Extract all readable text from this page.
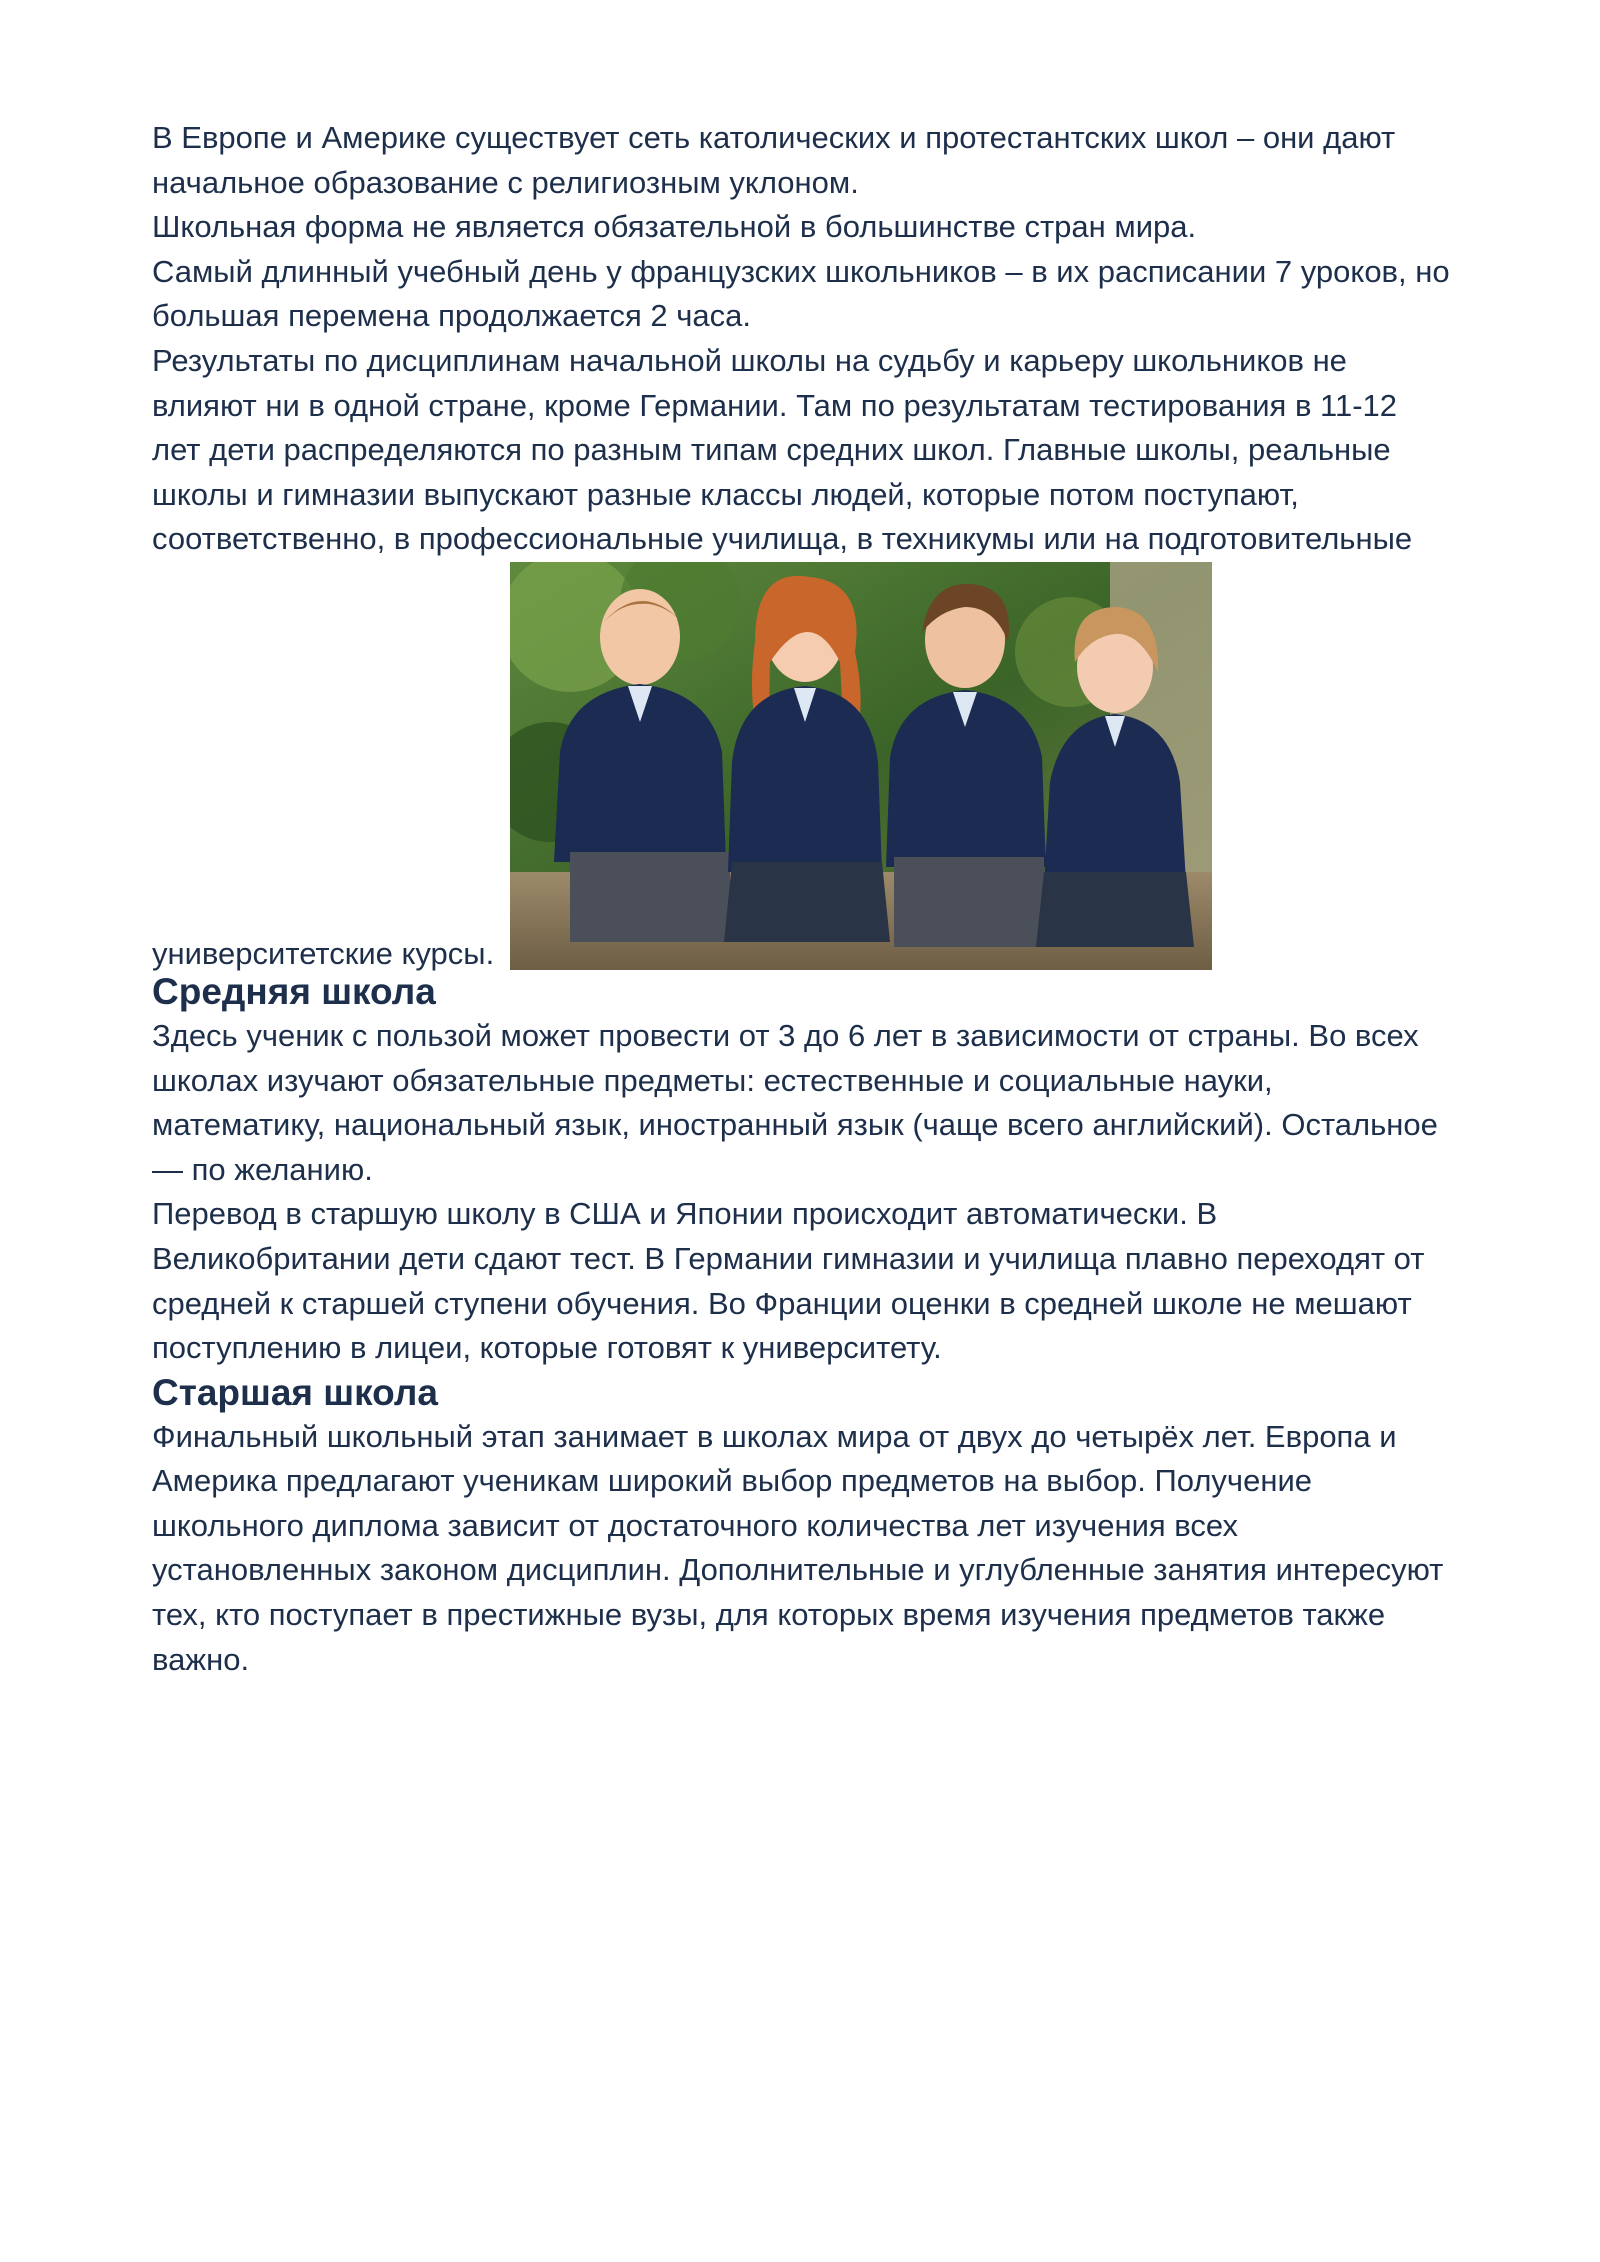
В Европе и Америке существует сеть католических и протестантских школ – они дают
начальное образование с религиозным уклоном.

Школьная форма не является обязательной в большинстве стран мира.

Самый длинный учебный день у французских школьников – в их расписании 7 уроков, но
большая перемена продолжается 2 часа.

Результаты по дисциплинам начальной школы на судьбу и карьеру школьников не
влияют ни в одной стране, кроме Германии. Там по результатам тестирования в 11-12
лет дети распределяются по разным типам средних школ. Главные школы, реальные
школы и гимназии выпускают разные классы людей, которые потом поступают,
соответственно, в профессиональные училища, в техникумы или на подготовительные

университетские курсы.
Средняя школа

Здесь ученик с пользой может провести от 3 до 6 лет в зависимости от страны. Во всех
школах изучают обязательные предметы: естественные и социальные науки,
математику, национальный язык, иностранный язык (чаще всего английский). Остальное
— по желанию.

Перевод в старшую школу в США и Японии происходит автоматически. В
Великобритании дети сдают тест. В Германии гимназии и училища плавно переходят от
средней к старшей ступени обучения. Во Франции оценки в средней школе не мешают
поступлению в лицеи, которые готовят к университету.

Старшая школа

Финальный школьный этап занимает в школах мира от двух до четырёх лет. Европа и
Америка предлагают ученикам широкий выбор предметов на выбор. Получение
школьного диплома зависит от достаточного количества лет изучения всех
установленных законом дисциплин. Дополнительные и углубленные занятия интересуют
тех, кто поступает в престижные вузы, для которых время изучения предметов также
важно.
